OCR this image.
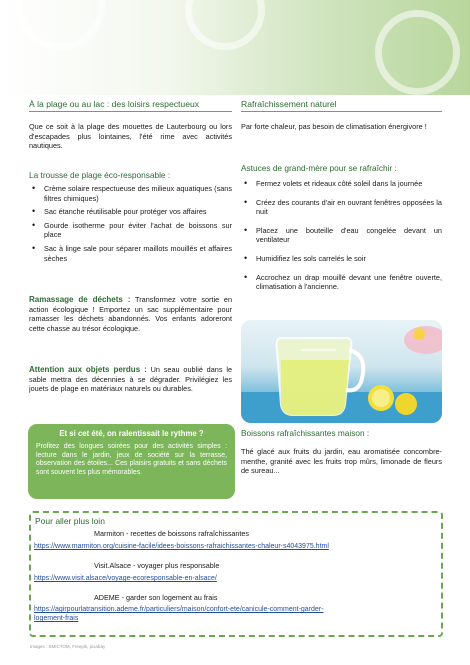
À la plage ou au lac : des loisirs respectueux

Que ce soit à la plage des mouettes de Lauterbourg ou lors d'escapades plus lointaines, l'été rime avec activités nautiques.

La trousse de plage éco-responsable :
• Crème solaire respectueuse des milieux aquatiques (sans filtres chimiques)
• Sac étanche réutilisable pour protéger vos affaires
• Gourde isotherme pour éviter l'achat de boissons sur place
• Sac à linge sale pour séparer maillots mouillés et affaires sèches

Ramassage de déchets : Transformez votre sortie en action écologique ! Emportez un sac supplémentaire pour ramasser les déchets abandonnés. Vos enfants adoreront cette chasse au trésor écologique.

Attention aux objets perdus : Un seau oublié dans le sable mettra des décennies à se dégrader. Privilégiez les jouets de plage en matériaux naturels ou durables.

Et si cet été, on ralentissait le rythme ?
Profitez des longues soirées pour des activités simples : lecture dans le jardin, jeux de société sur la terrasse, observation des étoiles... Ces plaisirs gratuits et sans déchets sont souvent les plus mémorables.
Rafraîchissement naturel

Par forte chaleur, pas besoin de climatisation énergivore !

Astuces de grand-mère pour se rafraîchir :
• Fermez volets et rideaux côté soleil dans la journée
• Créez des courants d'air en ouvrant fenêtres opposées la nuit
• Placez une bouteille d'eau congelée devant un ventilateur
• Humidifiez les sols carrelés le soir
• Accrochez un drap mouillé devant une fenêtre ouverte, climatisation à l'ancienne.
Boissons rafraîchissantes maison :

Thé glacé aux fruits du jardin, eau aromatisée concombre-menthe, granité avec les fruits trop mûrs, limonade de fleurs de sureau...

Pour aller plus loin
Marmiton - recettes de boissons rafraîchissantes
https://www.marmiton.org/cuisine-facile/idees-boissons-rafraichissantes-chaleur-s4043975.html
Visit.Alsace - voyager plus responsable
https://www.visit.alsace/voyage-ecoresponsable-en-alsace/
ADEME - garder son logement au frais
https://agirpourlatransition.ademe.fr/particuliers/maison/confort-ete/canicule-comment-garder-
logement-frais
Images : SMICTOM, Freepik, pixabay
